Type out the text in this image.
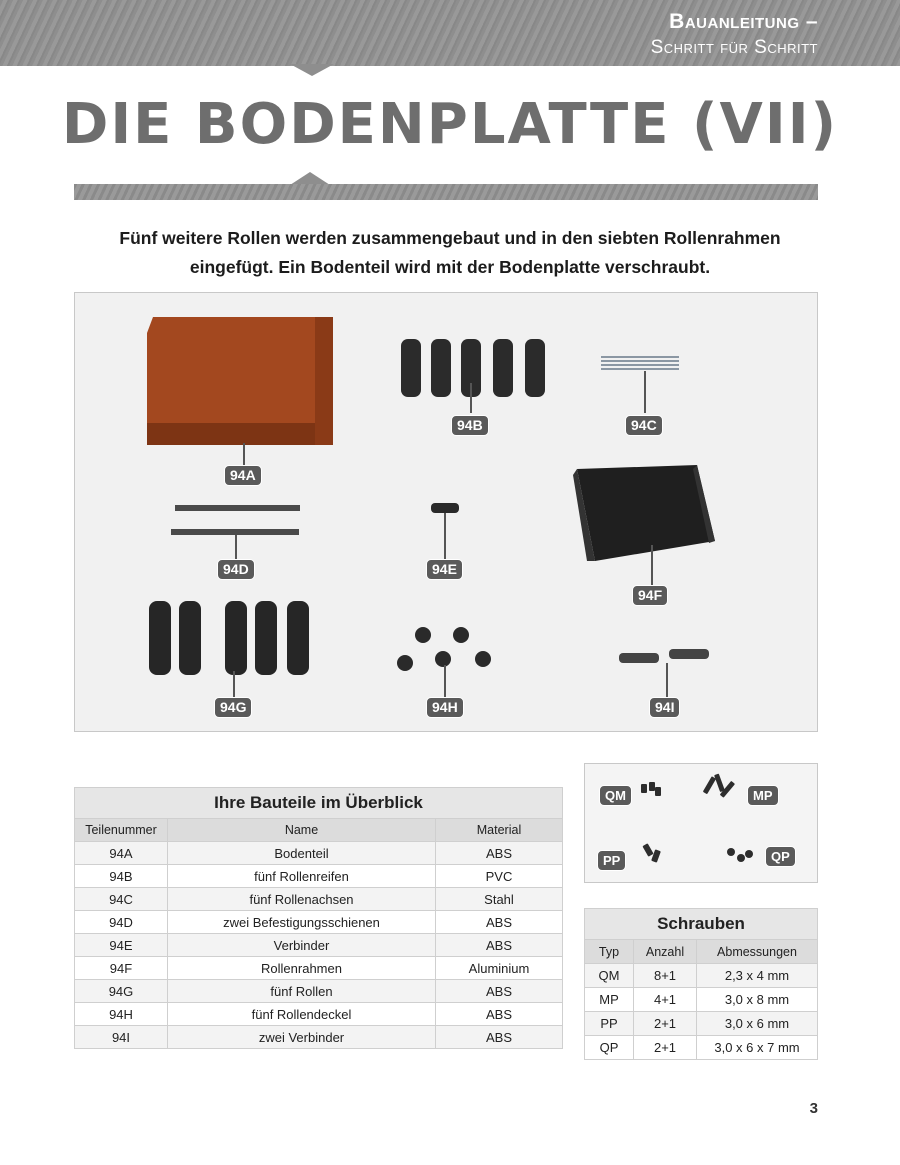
Bauanleitung –
Schritt für Schritt
DIE BODENPLATTE (VII)
Fünf weitere Rollen werden zusammengebaut und in den siebten Rollenrahmen
eingefügt. Ein Bodenteil wird mit der Bodenplatte verschraubt.
94A
94B	94C
94D	94E
94F
94G	94H	94I
Ihre Bauteile im Überblick		
Teilenummer	Name	Material
94A	Bodenteil	ABS
94B	fünf Rollenreifen	PVC
94C	fünf Rollenachsen	Stahl
94D	zwei Befestigungsschienen	ABS
94E	Verbinder	ABS
94F	Rollenrahmen	Aluminium
94G	fünf Rollen	ABS
94H	fünf Rollendeckel	ABS
94I	zwei Verbinder	ABS
QM	MP
PP	QP
Schrauben		
Typ	Anzahl	Abmessungen
QM	8+1	2,3 x 4 mm
MP	4+1	3,0 x 8 mm
PP	2+1	3,0 x 6 mm
QP	2+1	3,0 x 6 x 7 mm
3
